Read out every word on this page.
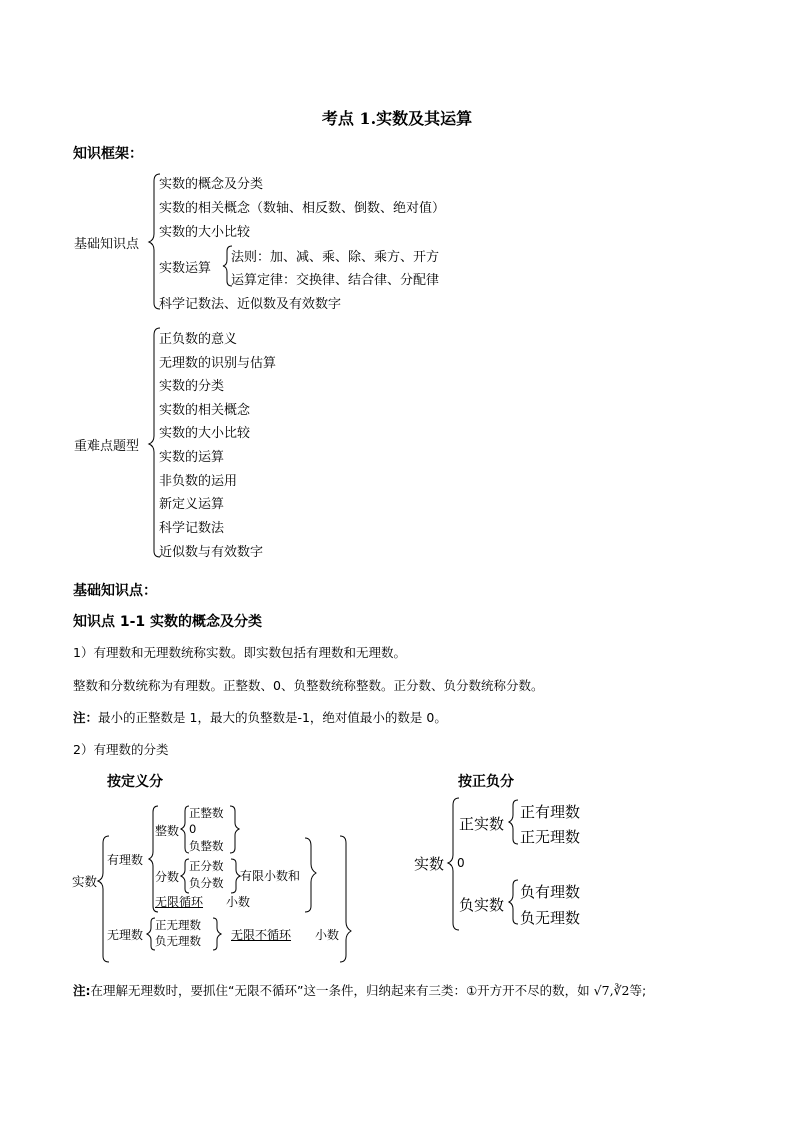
考点 1.实数及其运算
知识框架：
基础知识点
实数的概念及分类
实数的相关概念（数轴、相反数、倒数、绝对值）
实数的大小比较
实数运算
法则：加、减、乘、除、乘方、开方
运算定律：交换律、结合律、分配律
科学记数法、近似数及有效数字
重难点题型
正负数的意义
无理数的识别与估算
实数的分类
实数的相关概念
实数的大小比较
实数的运算
非负数的运用
新定义运算
科学记数法
近似数与有效数字
基础知识点：
知识点 1-1 实数的概念及分类
1）有理数和无理数统称实数。即实数包括有理数和无理数。
整数和分数统称为有理数。正整数、0、负整数统称整数。正分数、负分数统称分数。
注：最小的正整数是 1，最大的负整数是-1，绝对值最小的数是 0。
2）有理数的分类
按定义分
实数
有理数
整数
正整数
0
负整数
分数
正分数
负分数 有限小数和
无限循环 小数
无理数
正无理数
负无理数	无限不循环 小数
按正负分
实数
正实数
正有理数
正无理数
0
负实数
负有理数
负无理数
注:在理解无理数时，要抓住“无限不循环”这一条件，归纳起来有三类：①开方开不尽的数，如 √7,∛2等;
